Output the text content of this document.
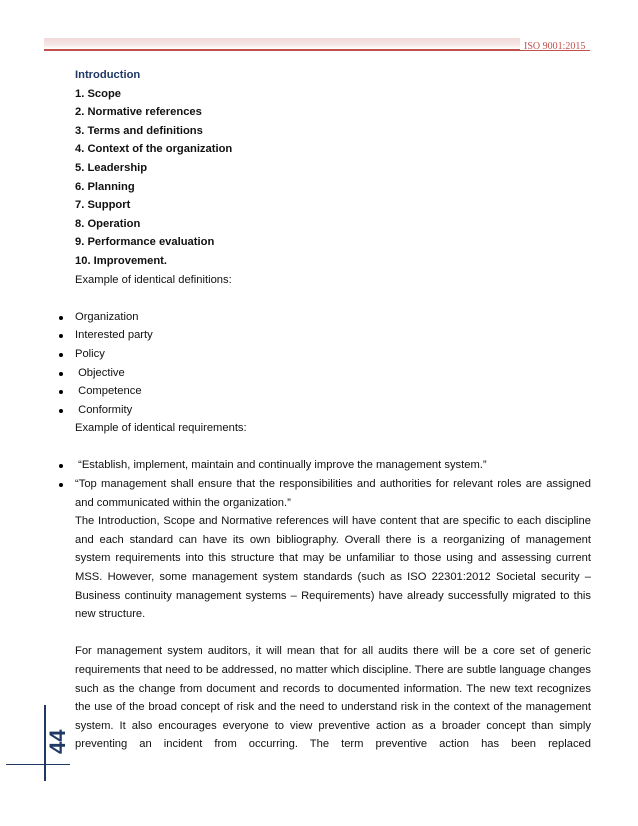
ISO 9001:2015
Introduction
1. Scope
2. Normative references
3. Terms and definitions
4. Context of the organization
5. Leadership
6. Planning
7. Support
8. Operation
9. Performance evaluation
10. Improvement.

Example of identical definitions:

Organization
Interested party
Policy
Objective
Competence
Conformity

Example of identical requirements:

“Establish, implement, maintain and continually improve the management system.”
“Top management shall ensure that the responsibilities and authorities for relevant roles are assigned and communicated within the organization.”

The Introduction, Scope and Normative references will have content that are specific to each discipline and each standard can have its own bibliography. Overall there is a reorganizing of management system requirements into this structure that may be unfamiliar to those using and assessing current MSS. However, some management system standards (such as ISO 22301:2012 Societal security – Business continuity management systems – Requirements) have already successfully migrated to this new structure.

For management system auditors, it will mean that for all audits there will be a core set of generic requirements that need to be addressed, no matter which discipline. There are subtle language changes such as the change from document and records to documented information. The new text recognizes the use of the broad concept of risk and the need to understand risk in the context of the management system. It also encourages everyone to view preventive action as a broader concept than simply preventing an incident from occurring. The term preventive action has been replaced

44
